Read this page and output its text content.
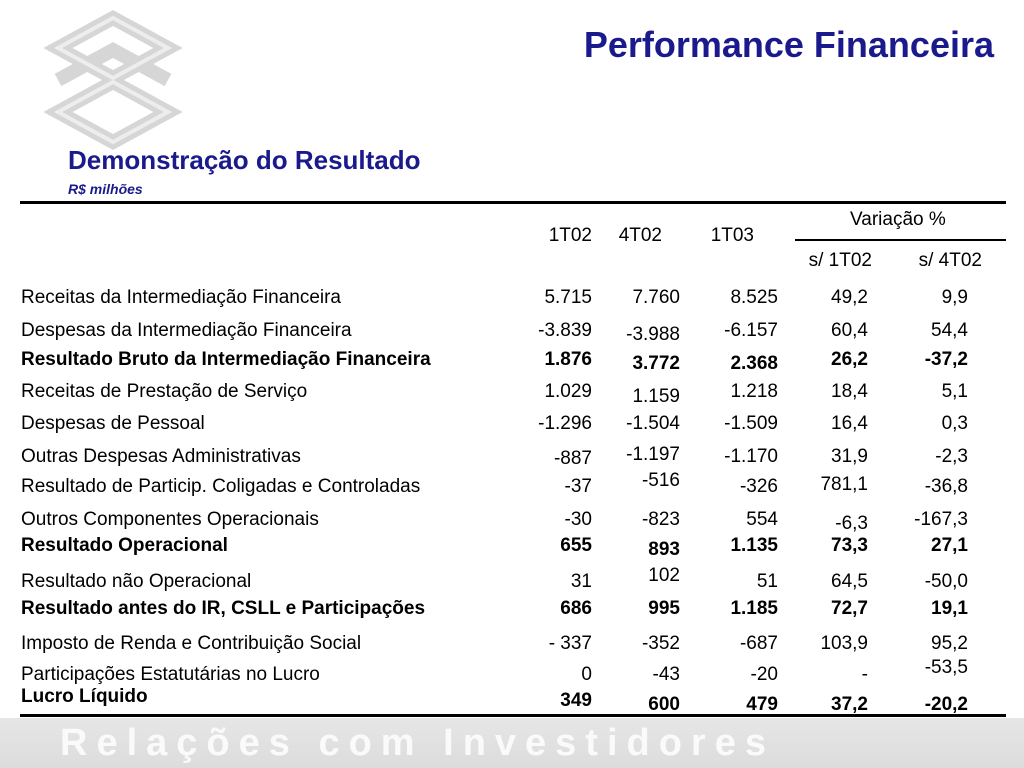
Relações com Investidores
Performance Financeira
Demonstração do Resultado
R$ milhões
1T02	4T02	1T03
Variação %
s/ 1T02	s/ 4T02
Receitas da Intermediação Financeira	5.715	7.760	8.525	49,2	9,9
Despesas da Intermediação Financeira	-3.839	-3.988	-6.157	60,4	54,4
Resultado Bruto da Intermediação Financeira	1.876	3.772	2.368	26,2	-37,2
Receitas de Prestação de Serviço	1.029	1.159	1.218	18,4	5,1
Despesas de Pessoal	-1.296	-1.504	-1.509	16,4	0,3
Outras Despesas Administrativas	-887	-1.197	-1.170	31,9	-2,3
Resultado de Particip. Coligadas e Controladas	-37	-516	-326	781,1	-36,8
Outros Componentes Operacionais	-30	-823	554	-6,3	-167,3
Resultado Operacional	655	893	1.135	73,3	27,1
Resultado não Operacional	31	102	51	64,5	-50,0
Resultado antes do IR, CSLL e Participações	686	995	1.185	72,7	19,1
Imposto de Renda e Contribuição Social	- 337	-352	-687	103,9	95,2
Participações Estatutárias no Lucro	0	-43	-20	-	-53,5
Lucro Líquido	349	600	479	37,2	-20,2
